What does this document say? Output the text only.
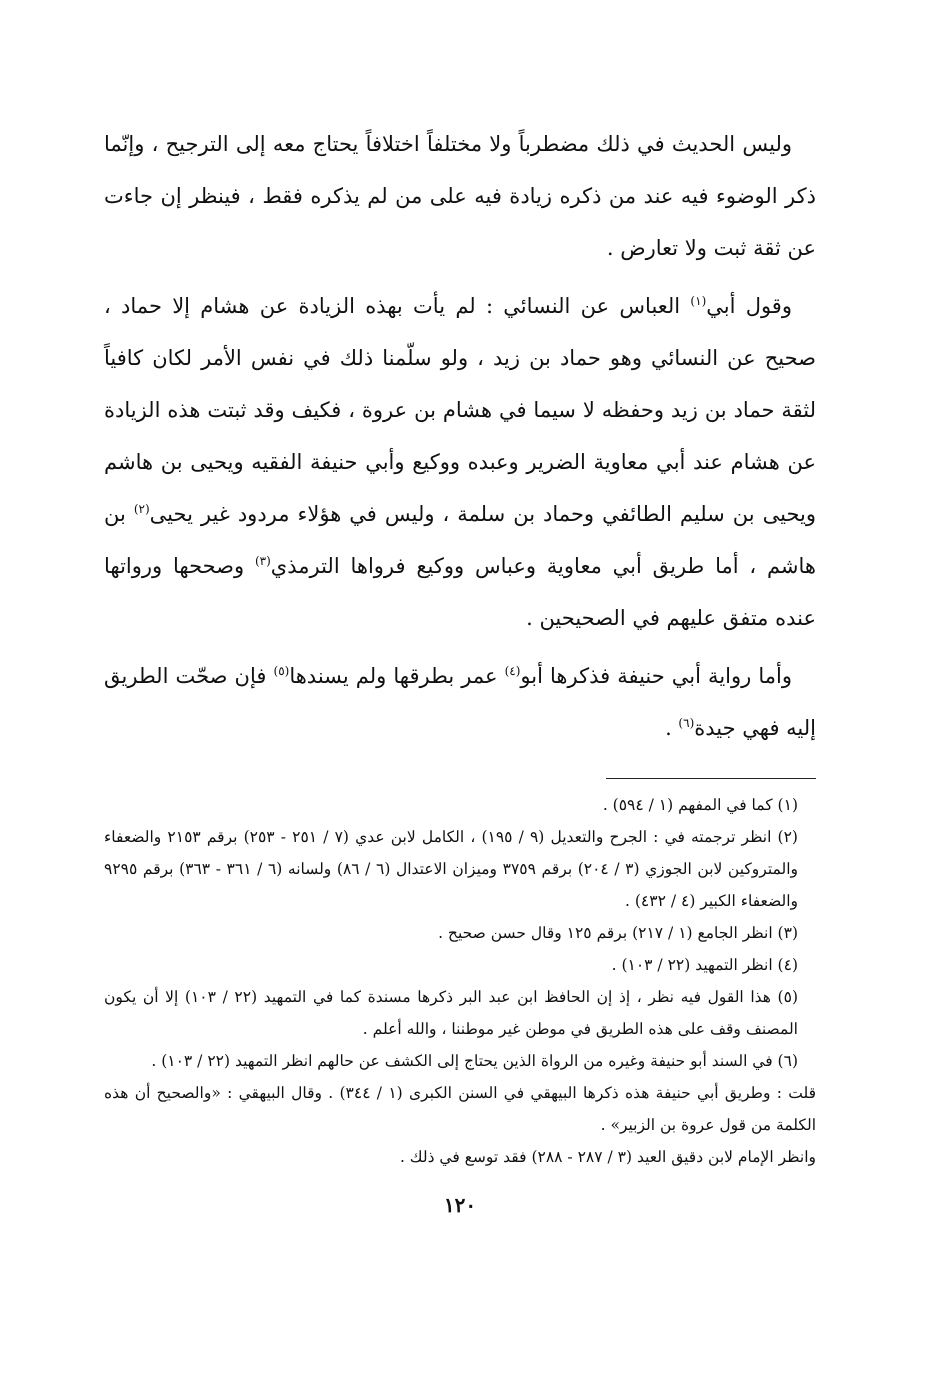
وليس الحديث في ذلك مضطرباً ولا مختلفاً اختلافاً يحتاج معه إلى الترجيح ، وإنّما ذكر الوضوء فيه عند من ذكره زيادة فيه على من لم يذكره فقط ، فينظر إن جاءت عن ثقة ثبت ولا تعارض .

وقول أبي$^{(١)}$ العباس عن النسائي : لم يأت بهذه الزيادة عن هشام إلا حماد ، صحيح عن النسائي وهو حماد بن زيد ، ولو سلّمنا ذلك في نفس الأمر لكان كافياً لثقة حماد بن زيد وحفظه لا سيما في هشام بن عروة ، فكيف وقد ثبتت هذه الزيادة عن هشام عند أبي معاوية الضرير وعبده ووكيع وأبي حنيفة الفقيه ويحيى بن هاشم ويحيى بن سليم الطائفي وحماد بن سلمة ، وليس في هؤلاء مردود غير يحيى$^{(٢)}$ بن هاشم ، أما طريق أبي معاوية وعباس ووكيع فرواها الترمذي$^{(٣)}$ وصححها ورواتها عنده متفق عليهم في الصحيحين .

وأما رواية أبي حنيفة فذكرها أبو$^{(٤)}$ عمر بطرقها ولم يسندها$^{(٥)}$ فإن صحّت الطريق إليه فهي جيدة$^{(٦)}$ .

(١) كما في المفهم (١ / ٥٩٤) .

(٢) انظر ترجمته في : الجرح والتعديل (٩ / ١٩٥) ، الكامل لابن عدي (٧ / ٢٥١ - ٢٥٣) برقم ٢١٥٣ والضعفاء والمتروكين لابن الجوزي (٣ / ٢٠٤) برقم ٣٧٥٩ وميزان الاعتدال (٦ / ٨٦) ولسانه (٦ / ٣٦١ - ٣٦٣) برقم ٩٢٩٥ والضعفاء الكبير (٤ / ٤٣٢) .

(٣) انظر الجامع (١ / ٢١٧) برقم ١٢٥ وقال حسن صحيح .

(٤) انظر التمهيد (٢٢ / ١٠٣) .

(٥) هذا القول فيه نظر ، إذ إن الحافظ ابن عبد البر ذكرها مسندة كما في التمهيد (٢٢ / ١٠٣) إلا أن يكون المصنف وقف على هذه الطريق في موطن غير موطننا ، والله أعلم .

(٦) في السند أبو حنيفة وغيره من الرواة الذين يحتاج إلى الكشف عن حالهم انظر التمهيد (٢٢ / ١٠٣) .

قلت : وطريق أبي حنيفة هذه ذكرها البيهقي في السنن الكبرى (١ / ٣٤٤) . وقال البيهقي : «والصحيح أن هذه الكلمة من قول عروة بن الزبير» .

وانظر الإمام لابن دقيق العيد (٣ / ٢٨٧ - ٢٨٨) فقد توسع في ذلك .

١٢٠
